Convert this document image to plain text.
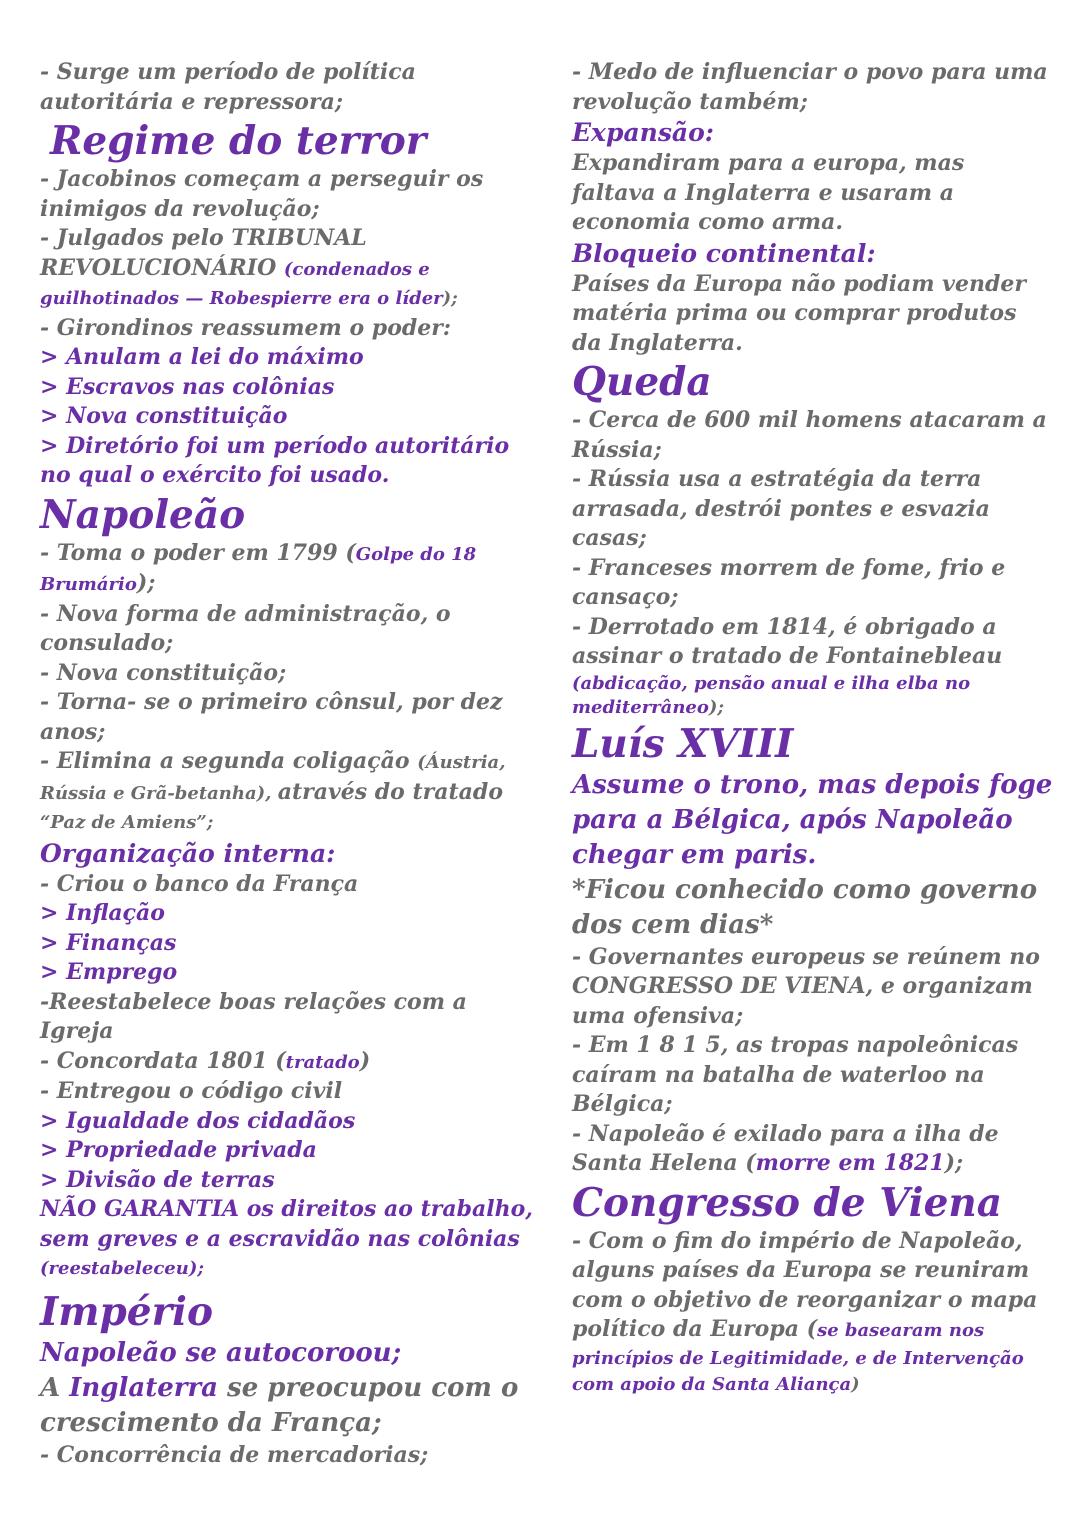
- Surge um período de política
autoritária e repressora;
Regime do terror
- Jacobinos começam a perseguir os
inimigos da revolução;
- Julgados pelo TRIBUNAL
REVOLUCIONÁRIO (condenados e
guilhotinados — Robespierre era o líder);
- Girondinos reassumem o poder:
> Anulam a lei do máximo
> Escravos nas colônias
> Nova constituição
> Diretório foi um período autoritário
no qual o exército foi usado.
Napoleão
- Toma o poder em 1799 (Golpe do 18
Brumário);
- Nova forma de administração, o
consulado;
- Nova constituição;
- Torna- se o primeiro cônsul, por dez
anos;
- Elimina a segunda coligação (Áustria,
Rússia e Grã-betanha), através do tratado
“Paz de Amiens”;
Organização interna:
- Criou o banco da França
> Inflação
> Finanças
> Emprego
-Reestabelece boas relações com a
Igreja
- Concordata 1801 (tratado)
- Entregou o código civil
> Igualdade dos cidadãos
> Propriedade privada
> Divisão de terras
NÃO GARANTIA os direitos ao trabalho,
sem greves e a escravidão nas colônias
(reestabeleceu);
Império
Napoleão se autocoroou;
A Inglaterra se preocupou com o
crescimento da França;
- Concorrência de mercadorias;
- Medo de influenciar o povo para uma
revolução também;
Expansão:
Expandiram para a europa, mas
faltava a Inglaterra e usaram a
economia como arma.
Bloqueio continental:
Países da Europa não podiam vender
matéria prima ou comprar produtos
da Inglaterra.
Queda
- Cerca de 600 mil homens atacaram a
Rússia;
- Rússia usa a estratégia da terra
arrasada, destrói pontes e esvazia
casas;
- Franceses morrem de fome, frio e
cansaço;
- Derrotado em 1814, é obrigado a
assinar o tratado de Fontainebleau
(abdicação, pensão anual e ilha elba no
mediterrâneo);
Luís XVIII
Assume o trono, mas depois foge
para a Bélgica, após Napoleão
chegar em paris.
*Ficou conhecido como governo
dos cem dias*
- Governantes europeus se reúnem no
CONGRESSO DE VIENA, e organizam
uma ofensiva;
- Em 1 8 1 5, as tropas napoleônicas
caíram na batalha de waterloo na
Bélgica;
- Napoleão é exilado para a ilha de
Santa Helena (morre em 1821);
Congresso de Viena
- Com o fim do império de Napoleão,
alguns países da Europa se reuniram
com o objetivo de reorganizar o mapa
político da Europa (se basearam nos
princípios de Legitimidade, e de Intervenção
com apoio da Santa Aliança)
